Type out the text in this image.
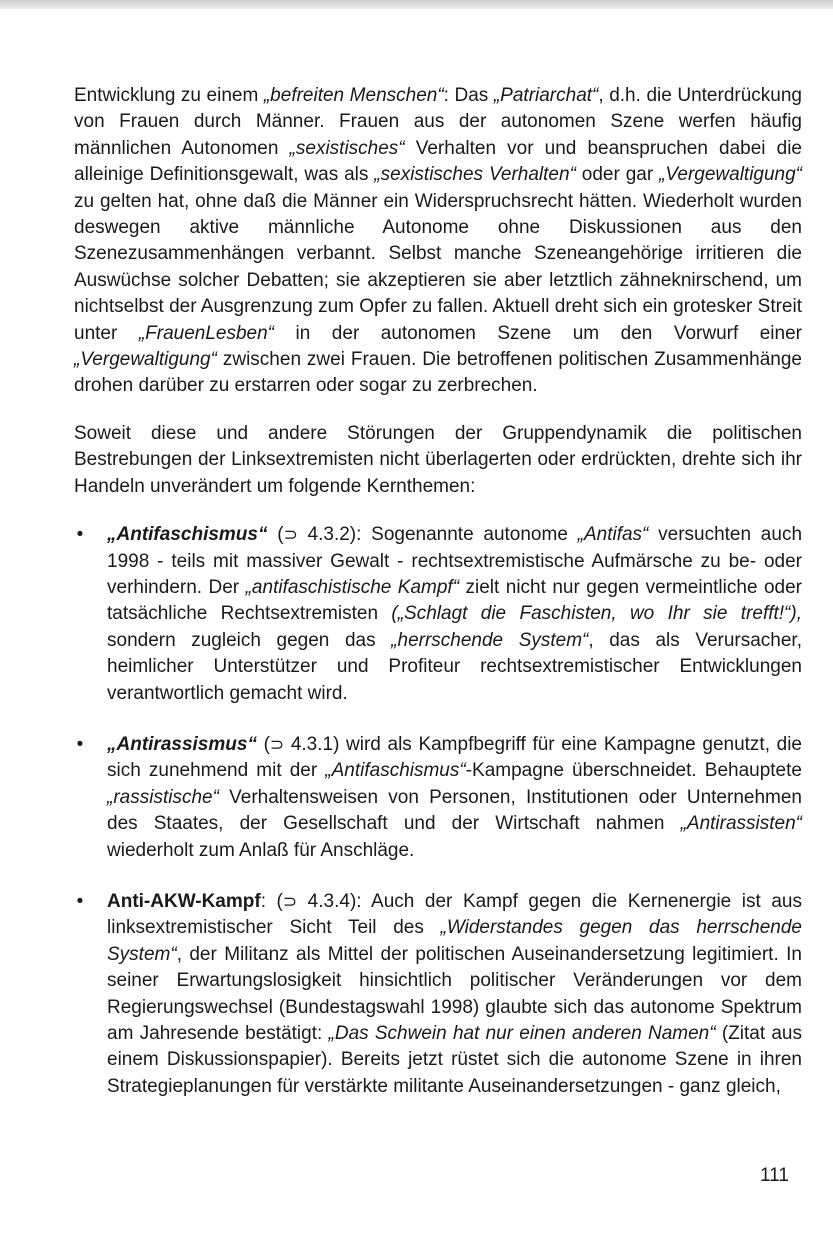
Entwicklung zu einem „befreiten Menschen“: Das „Patriarchat“, d.h. die Unterdrückung von Frauen durch Männer. Frauen aus der autonomen Szene werfen häufig männlichen Autonomen „sexistisches“ Verhalten vor und beanspruchen dabei die alleinige Definitionsgewalt, was als „sexistisches Verhalten“ oder gar „Vergewaltigung“ zu gelten hat, ohne daß die Männer ein Widerspruchsrecht hätten. Wiederholt wurden deswegen aktive männliche Autonome ohne Diskussionen aus den Szenezusammenhängen verbannt. Selbst manche Szeneangehörige irritieren die Auswüchse solcher Debatten; sie akzeptieren sie aber letztlich zähneknirschend, um nichtselbst der Ausgrenzung zum Opfer zu fallen. Aktuell dreht sich ein grotesker Streit unter „FrauenLesben“ in der autonomen Szene um den Vorwurf einer „Vergewaltigung“ zwischen zwei Frauen. Die betroffenen politischen Zusammenhänge drohen darüber zu erstarren oder sogar zu zerbrechen.

Soweit diese und andere Störungen der Gruppendynamik die politischen Bestrebungen der Linksextremisten nicht überlagerten oder erdrückten, drehte sich ihr Handeln unverändert um folgende Kernthemen:

• „Antifaschismus“ (⊃ 4.3.2): Sogenannte autonome „Antifas“ versuchten auch 1998 - teils mit massiver Gewalt - rechtsextremistische Aufmärsche zu be- oder verhindern. Der „antifaschistische Kampf“ zielt nicht nur gegen vermeintliche oder tatsächliche Rechtsextremisten („Schlagt die Faschisten, wo Ihr sie trefft!“), sondern zugleich gegen das „herrschende System“, das als Verursacher, heimlicher Unterstützer und Profiteur rechtsextremistischer Entwicklungen verantwortlich gemacht wird.
• „Antirassismus“ (⊃ 4.3.1) wird als Kampfbegriff für eine Kampagne genutzt, die sich zunehmend mit der „Antifaschismus“-Kampagne überschneidet. Behauptete „rassistische“ Verhaltensweisen von Personen, Institutionen oder Unternehmen des Staates, der Gesellschaft und der Wirtschaft nahmen „Antirassisten“ wiederholt zum Anlaß für Anschläge.
• Anti-AKW-Kampf: (⊃ 4.3.4): Auch der Kampf gegen die Kernenergie ist aus linksextremistischer Sicht Teil des „Widerstandes gegen das herrschende System“, der Militanz als Mittel der politischen Auseinandersetzung legitimiert. In seiner Erwartungslosigkeit hinsichtlich politischer Veränderungen vor dem Regierungswechsel (Bundestagswahl 1998) glaubte sich das autonome Spektrum am Jahresende bestätigt: „Das Schwein hat nur einen anderen Namen“ (Zitat aus einem Diskussionspapier). Bereits jetzt rüstet sich die autonome Szene in ihren Strategieplanungen für verstärkte militante Auseinandersetzungen - ganz gleich,
111
